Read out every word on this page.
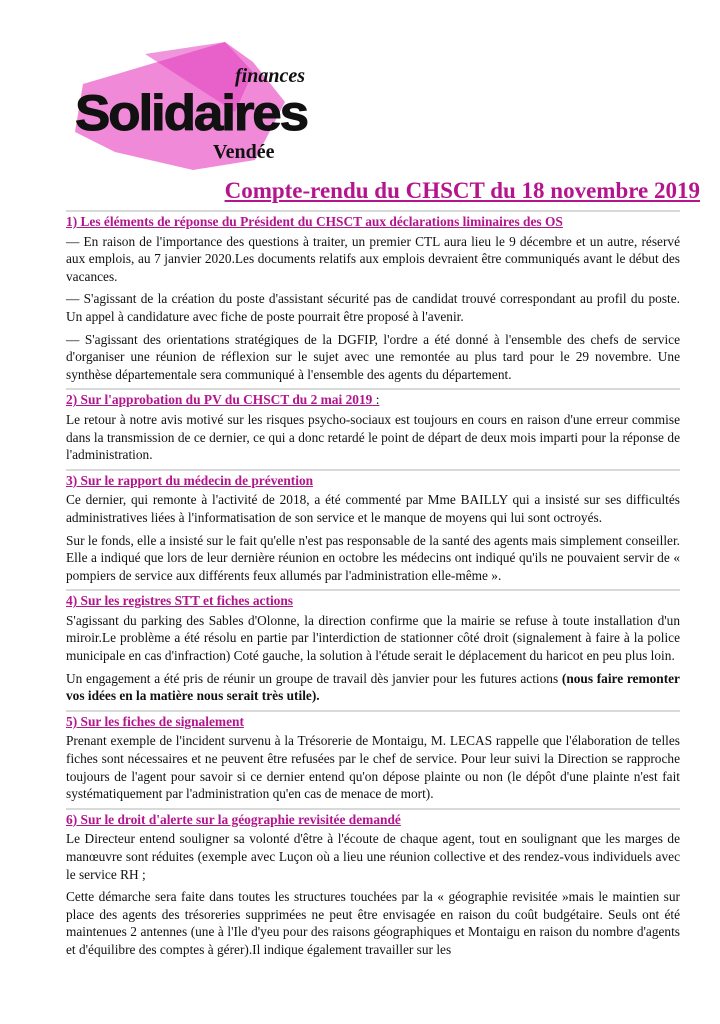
finances
Solidaires
Vendée
Compte-rendu du CHSCT du 18 novembre 2019
1) Les éléments de réponse du Président du CHSCT aux déclarations liminaires des OS

— En raison de l'importance des questions à traiter, un premier CTL aura lieu le 9 décembre et un autre, réservé aux emplois, au 7 janvier 2020.Les documents relatifs aux emplois devraient être communiqués avant le début des vacances.

— S'agissant de la création du poste d'assistant sécurité pas de candidat trouvé correspondant au profil du poste. Un appel à candidature avec fiche de poste pourrait être proposé à l'avenir.

— S'agissant des orientations stratégiques de la DGFIP, l'ordre a été donné à l'ensemble des chefs de service d'organiser une réunion de réflexion sur le sujet avec une remontée au plus tard pour le 29 novembre. Une synthèse départementale sera communiqué à l'ensemble des agents du département.

2) Sur l'approbation du PV du CHSCT du 2 mai 2019 :

Le retour à notre avis motivé sur les risques psycho-sociaux est toujours en cours en raison d'une erreur commise dans la transmission de ce dernier, ce qui a donc retardé le point de départ de deux mois imparti pour la réponse de l'administration.

3) Sur le rapport du médecin de prévention

Ce dernier, qui remonte à l'activité de 2018, a été commenté par Mme BAILLY qui a insisté sur ses difficultés administratives liées à l'informatisation de son service et le manque de moyens qui lui sont octroyés.

Sur le fonds, elle a insisté sur le fait qu'elle n'est pas responsable de la santé des agents mais simplement conseiller. Elle a indiqué que lors de leur dernière réunion en octobre les médecins ont indiqué qu'ils ne pouvaient servir de « pompiers de service aux différents feux allumés par l'administration elle-même ».

4) Sur les registres STT et fiches actions

S'agissant du parking des Sables d'Olonne, la direction confirme que la mairie se refuse à toute installation d'un miroir.Le problème a été résolu en partie par l'interdiction de stationner côté droit (signalement à faire à la police municipale en cas d'infraction) Coté gauche, la solution à l'étude serait le déplacement du haricot en peu plus loin.

Un engagement a été pris de réunir un groupe de travail dès janvier pour les futures actions (nous faire remonter vos idées en la matière nous serait très utile).

5) Sur les fiches de signalement

Prenant exemple de l'incident survenu à la Trésorerie de Montaigu, M. LECAS rappelle que l'élaboration de telles fiches sont nécessaires et ne peuvent être refusées par le chef de service. Pour leur suivi la Direction se rapproche toujours de l'agent pour savoir si ce dernier entend qu'on dépose plainte ou non (le dépôt d'une plainte n'est fait systématiquement par l'administration qu'en cas de menace de mort).

6) Sur le droit d'alerte sur la géographie revisitée demandé

Le Directeur entend souligner sa volonté d'être à l'écoute de chaque agent, tout en soulignant que les marges de manœuvre sont réduites (exemple avec Luçon où a lieu une réunion collective et des rendez-vous individuels avec le service RH ;

Cette démarche sera faite dans toutes les structures touchées par la « géographie revisitée »mais le maintien sur place des agents des trésoreries supprimées ne peut être envisagée en raison du coût budgétaire. Seuls ont été maintenues 2 antennes (une à l'Ile d'yeu pour des raisons géographiques et Montaigu en raison du nombre d'agents et d'équilibre des comptes à gérer).Il indique également travailler sur les
